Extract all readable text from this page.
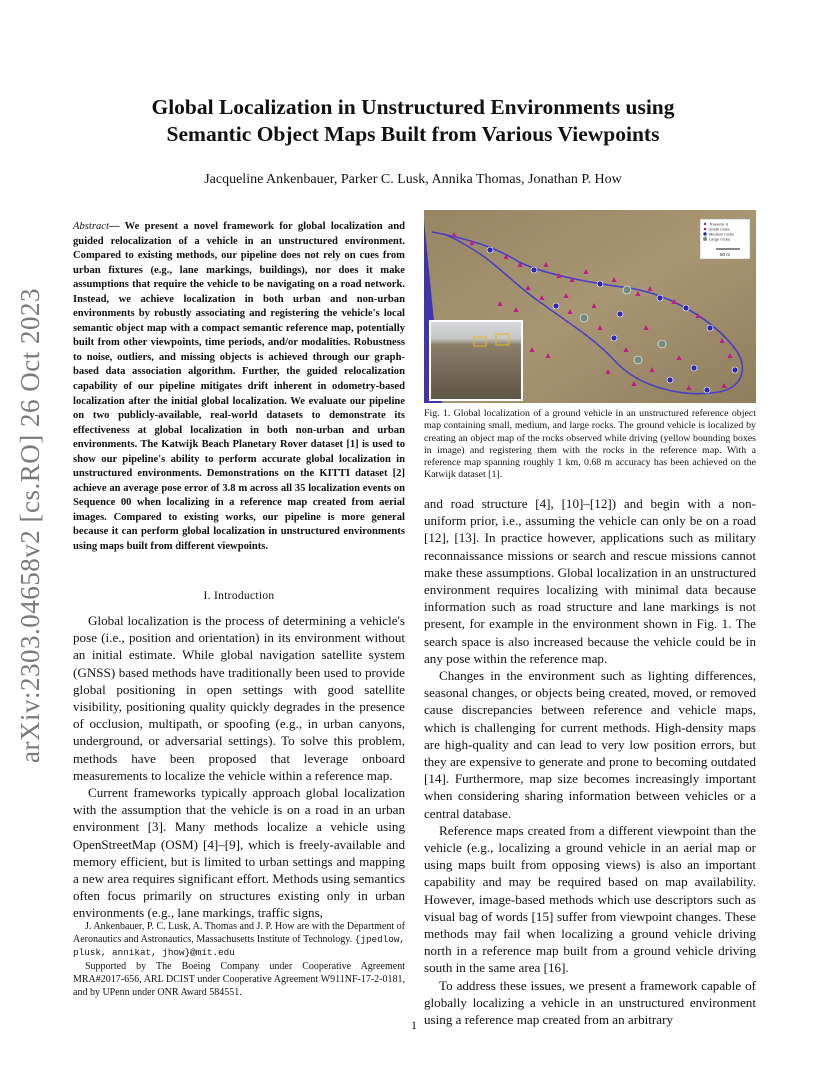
arXiv:2303.04658v2 [cs.RO] 26 Oct 2023
Global Localization in Unstructured Environments using
Semantic Object Maps Built from Various Viewpoints
Jacqueline Ankenbauer, Parker C. Lusk, Annika Thomas, Jonathan P. How
Abstract— We present a novel framework for global localization and guided relocalization of a vehicle in an unstructured environment. Compared to existing methods, our pipeline does not rely on cues from urban fixtures (e.g., lane markings, buildings), nor does it make assumptions that require the vehicle to be navigating on a road network. Instead, we achieve localization in both urban and non-urban environments by robustly associating and registering the vehicle's local semantic object map with a compact semantic reference map, potentially built from other viewpoints, time periods, and/or modalities. Robustness to noise, outliers, and missing objects is achieved through our graph-based data association algorithm. Further, the guided relocalization capability of our pipeline mitigates drift inherent in odometry-based localization after the initial global localization. We evaluate our pipeline on two publicly-available, real-world datasets to demonstrate its effectiveness at global localization in both non-urban and urban environments. The Katwijk Beach Planetary Rover dataset [1] is used to show our pipeline's ability to perform accurate global localization in unstructured environments. Demonstrations on the KITTI dataset [2] achieve an average pose error of 3.8 m across all 35 localization events on Sequence 00 when localizing in a reference map created from aerial images. Compared to existing works, our pipeline is more general because it can perform global localization in unstructured environments using maps built from different viewpoints.
I. Introduction

Global localization is the process of determining a vehicle's pose (i.e., position and orientation) in its environment without an initial estimate. While global navigation satellite system (GNSS) based methods have traditionally been used to provide global positioning in open settings with good satellite visibility, positioning quality quickly degrades in the presence of occlusion, multipath, or spoofing (e.g., in urban canyons, underground, or adversarial settings). To solve this problem, methods have been proposed that leverage onboard measurements to localize the vehicle within a reference map.

Current frameworks typically approach global localization with the assumption that the vehicle is on a road in an urban environment [3]. Many methods localize a vehicle using OpenStreetMap (OSM) [4]–[9], which is freely-available and memory efficient, but is limited to urban settings and mapping a new area requires significant effort. Methods using semantics often focus primarily on structures existing only in urban environments (e.g., lane markings, traffic signs,

J. Ankenbauer, P. C. Lusk, A. Thomas and J. P. How are with the Department of Aeronautics and Astronautics, Massachusetts Institute of Technology. {jpedlow, plusk, annikat, jhow}@mit.edu

Supported by The Boeing Company under Cooperative Agreement MRA#2017-656, ARL DCIST under Cooperative Agreement W911NF-17-2-0181, and by UPenn under ONR Award 584551.

Traverse 9
Small rocks
Medium rocks
Large rocks
50 m
Fig. 1. Global localization of a ground vehicle in an unstructured reference object map containing small, medium, and large rocks. The ground vehicle is localized by creating an object map of the rocks observed while driving (yellow bounding boxes in image) and registering them with the rocks in the reference map. With a reference map spanning roughly 1 km, 0.68 m accuracy has been achieved on the Katwijk dataset [1].

and road structure [4], [10]–[12]) and begin with a non-uniform prior, i.e., assuming the vehicle can only be on a road [12], [13]. In practice however, applications such as military reconnaissance missions or search and rescue missions cannot make these assumptions. Global localization in an unstructured environment requires localizing with minimal data because information such as road structure and lane markings is not present, for example in the environment shown in Fig. 1. The search space is also increased because the vehicle could be in any pose within the reference map.

Changes in the environment such as lighting differences, seasonal changes, or objects being created, moved, or removed cause discrepancies between reference and vehicle maps, which is challenging for current methods. High-density maps are high-quality and can lead to very low position errors, but they are expensive to generate and prone to becoming outdated [14]. Furthermore, map size becomes increasingly important when considering sharing information between vehicles or a central database.

Reference maps created from a different viewpoint than the vehicle (e.g., localizing a ground vehicle in an aerial map or using maps built from opposing views) is also an important capability and may be required based on map availability. However, image-based methods which use descriptors such as visual bag of words [15] suffer from viewpoint changes. These methods may fail when localizing a ground vehicle driving north in a reference map built from a ground vehicle driving south in the same area [16].

To address these issues, we present a framework capable of globally localizing a vehicle in an unstructured environment using a reference map created from an arbitrary

1
